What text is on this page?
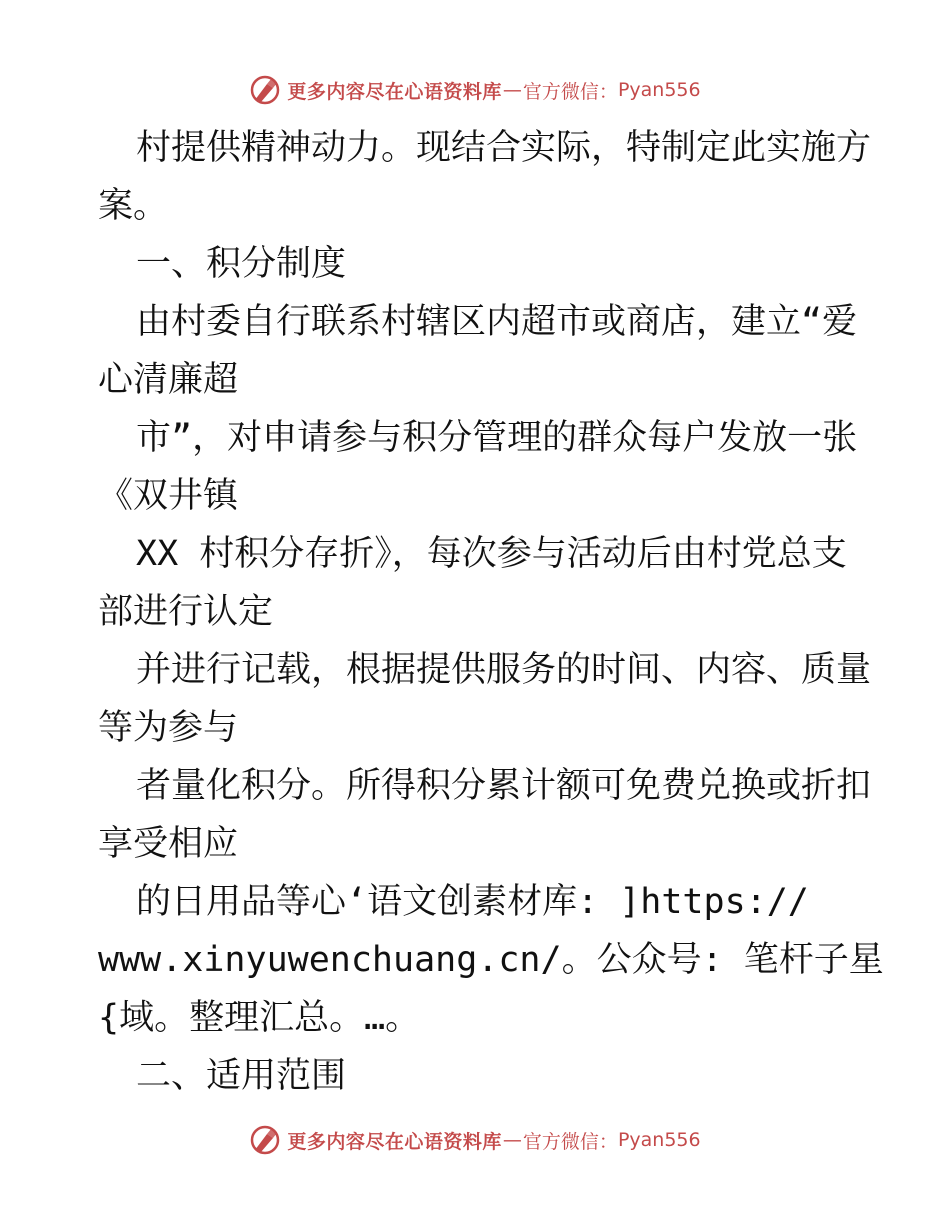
更多内容尽在心语资料库 — 官方微信： Pyan556
村提供精神动力。现结合实际，特制定此实施方
案。
一、积分制度
由村委自行联系村辖区内超市或商店，建立“爱
心清廉超
市”，对申请参与积分管理的群众每户发放一张
《双井镇
XX 村积分存折》，每次参与活动后由村党总支
部进行认定
并进行记载，根据提供服务的时间、内容、质量
等为参与
者量化积分。所得积分累计额可免费兑换或折扣
享受相应
的日用品等心‘语文创素材库: ]https://
www.xinyuwenchuang.cn/。公众号: 笔杆子星
{域。整理汇总。…。
二、适用范围
更多内容尽在心语资料库 — 官方微信： Pyan556
